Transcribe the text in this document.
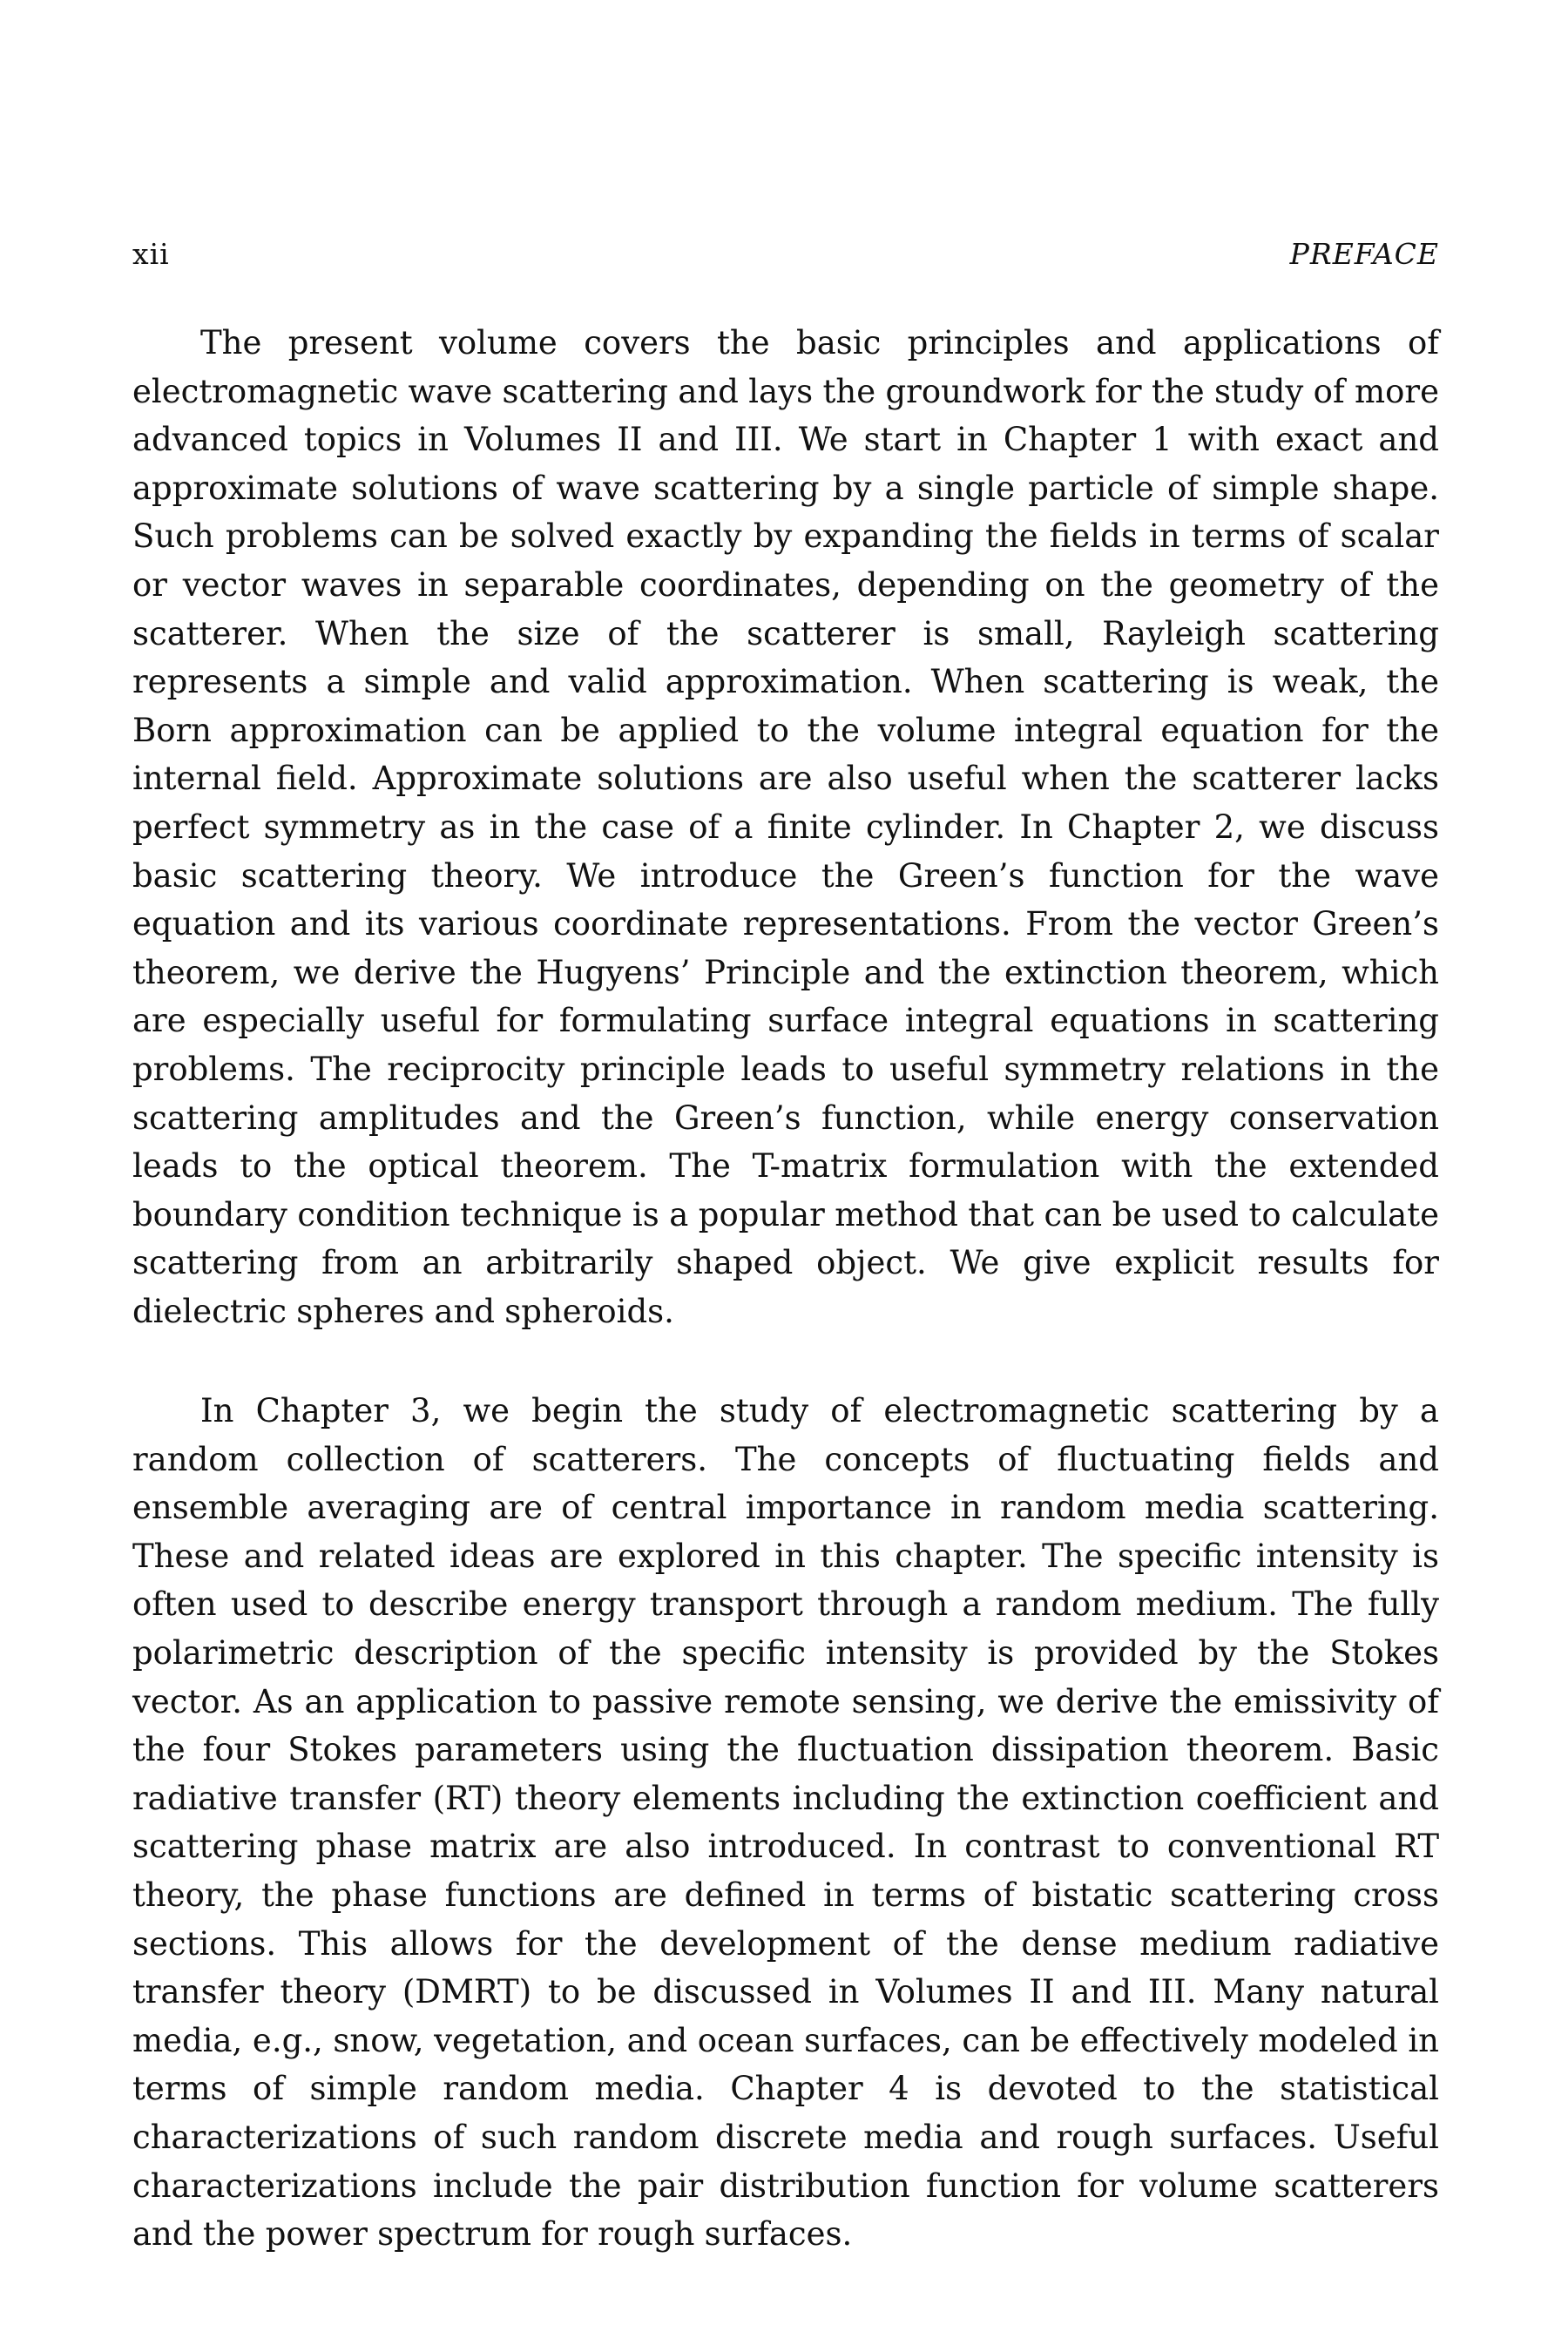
xii	PREFACE

The present volume covers the basic principles and applications of electromagnetic wave scattering and lays the groundwork for the study of more advanced topics in Volumes II and III. We start in Chapter 1 with exact and approximate solutions of wave scattering by a single particle of simple shape. Such problems can be solved exactly by expanding the fields in terms of scalar or vector waves in separable coordinates, depending on the geometry of the scatterer. When the size of the scatterer is small, Rayleigh scattering represents a simple and valid approximation. When scattering is weak, the Born approximation can be applied to the volume integral equation for the internal field. Approximate solutions are also useful when the scatterer lacks perfect symmetry as in the case of a finite cylinder. In Chapter 2, we discuss basic scattering theory. We introduce the Green’s function for the wave equation and its various coordinate representations. From the vector Green’s theorem, we derive the Hugyens’ Principle and the extinction theorem, which are especially useful for formulating surface integral equations in scattering problems. The reciprocity principle leads to useful symmetry relations in the scattering amplitudes and the Green’s function, while energy conservation leads to the optical theorem. The T-matrix formulation with the extended boundary condition technique is a popular method that can be used to calculate scattering from an arbitrarily shaped object. We give explicit results for dielectric spheres and spheroids.

In Chapter 3, we begin the study of electromagnetic scattering by a random collection of scatterers. The concepts of fluctuating fields and ensemble averaging are of central importance in random media scattering. These and related ideas are explored in this chapter. The specific intensity is often used to describe energy transport through a random medium. The fully polarimetric description of the specific intensity is provided by the Stokes vector. As an application to passive remote sensing, we derive the emissivity of the four Stokes parameters using the fluctuation dissipation theorem. Basic radiative transfer (RT) theory elements including the extinction coefficient and scattering phase matrix are also introduced. In contrast to conventional RT theory, the phase functions are defined in terms of bistatic scattering cross sections. This allows for the development of the dense medium radiative transfer theory (DMRT) to be discussed in Volumes II and III. Many natural media, e.g., snow, vegetation, and ocean surfaces, can be effectively modeled in terms of simple random media. Chapter 4 is devoted to the statistical characterizations of such random discrete media and rough surfaces. Useful characterizations include the pair distribution function for volume scatterers and the power spectrum for rough surfaces.
